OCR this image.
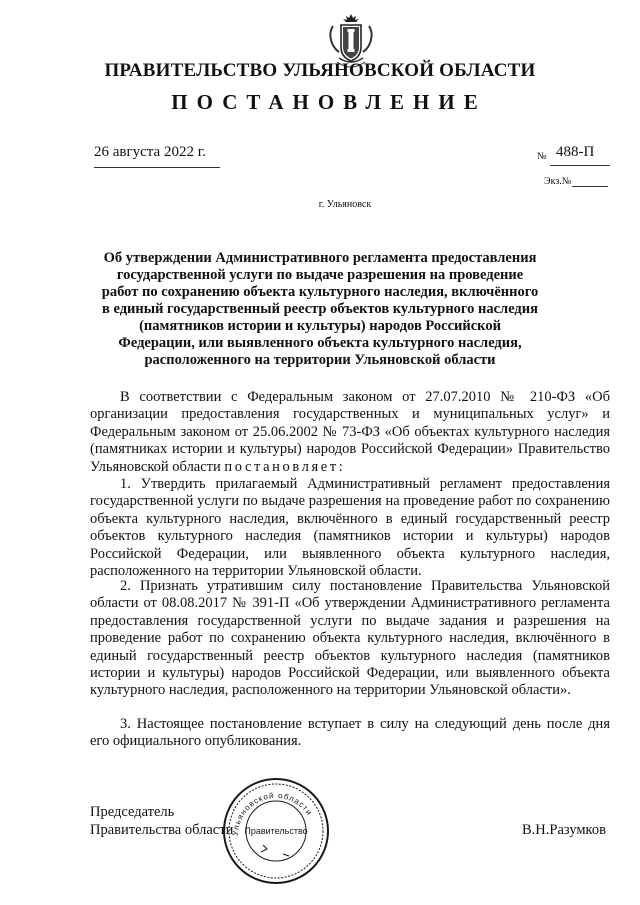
ПРАВИТЕЛЬСТВО УЛЬЯНОВСКОЙ ОБЛАСТИ
ПОСТАНОВЛЕНИЕ
26 августа 2022 г.	№ 488-П
Экз.№
г. Ульяновск
Об утверждении Административного регламента предоставления государственной услуги по выдаче разрешения на проведение работ по сохранению объекта культурного наследия, включённого в единый государственный реестр объектов культурного наследия (памятников истории и культуры) народов Российской Федерации, или выявленного объекта культурного наследия, расположенного на территории Ульяновской области

В соответствии с Федеральным законом от 27.07.2010 № 210-ФЗ «Об организации предоставления государственных и муниципальных услуг» и Федеральным законом от 25.06.2002 № 73-ФЗ «Об объектах культурного наследия (памятниках истории и культуры) народов Российской Федерации» Правительство Ульяновской области постановляет:

1. Утвердить прилагаемый Административный регламент предоставления государственной услуги по выдаче разрешения на проведение работ по сохранению объекта культурного наследия, включённого в единый государственный реестр объектов культурного наследия (памятников истории и культуры) народов Российской Федерации, или выявленного объекта культурного наследия, расположенного на территории Ульяновской области.

2. Признать утратившим силу постановление Правительства Ульяновской области от 08.08.2017 № 391-П «Об утверждении Административного регламента предоставления государственной услуги по выдаче задания и разрешения на проведение работ по сохранению объекта культурного наследия, включённого в единый государственный реестр объектов культурного наследия (памятников истории и культуры) народов Российской Федерации, или выявленного объекта культурного наследия, расположенного на территории Ульяновской области».

3. Настоящее постановление вступает в силу на следующий день после дня его официального опубликования.

Председатель
Правительства области	В.Н.Разумков
Ульяновской области
Правительство
